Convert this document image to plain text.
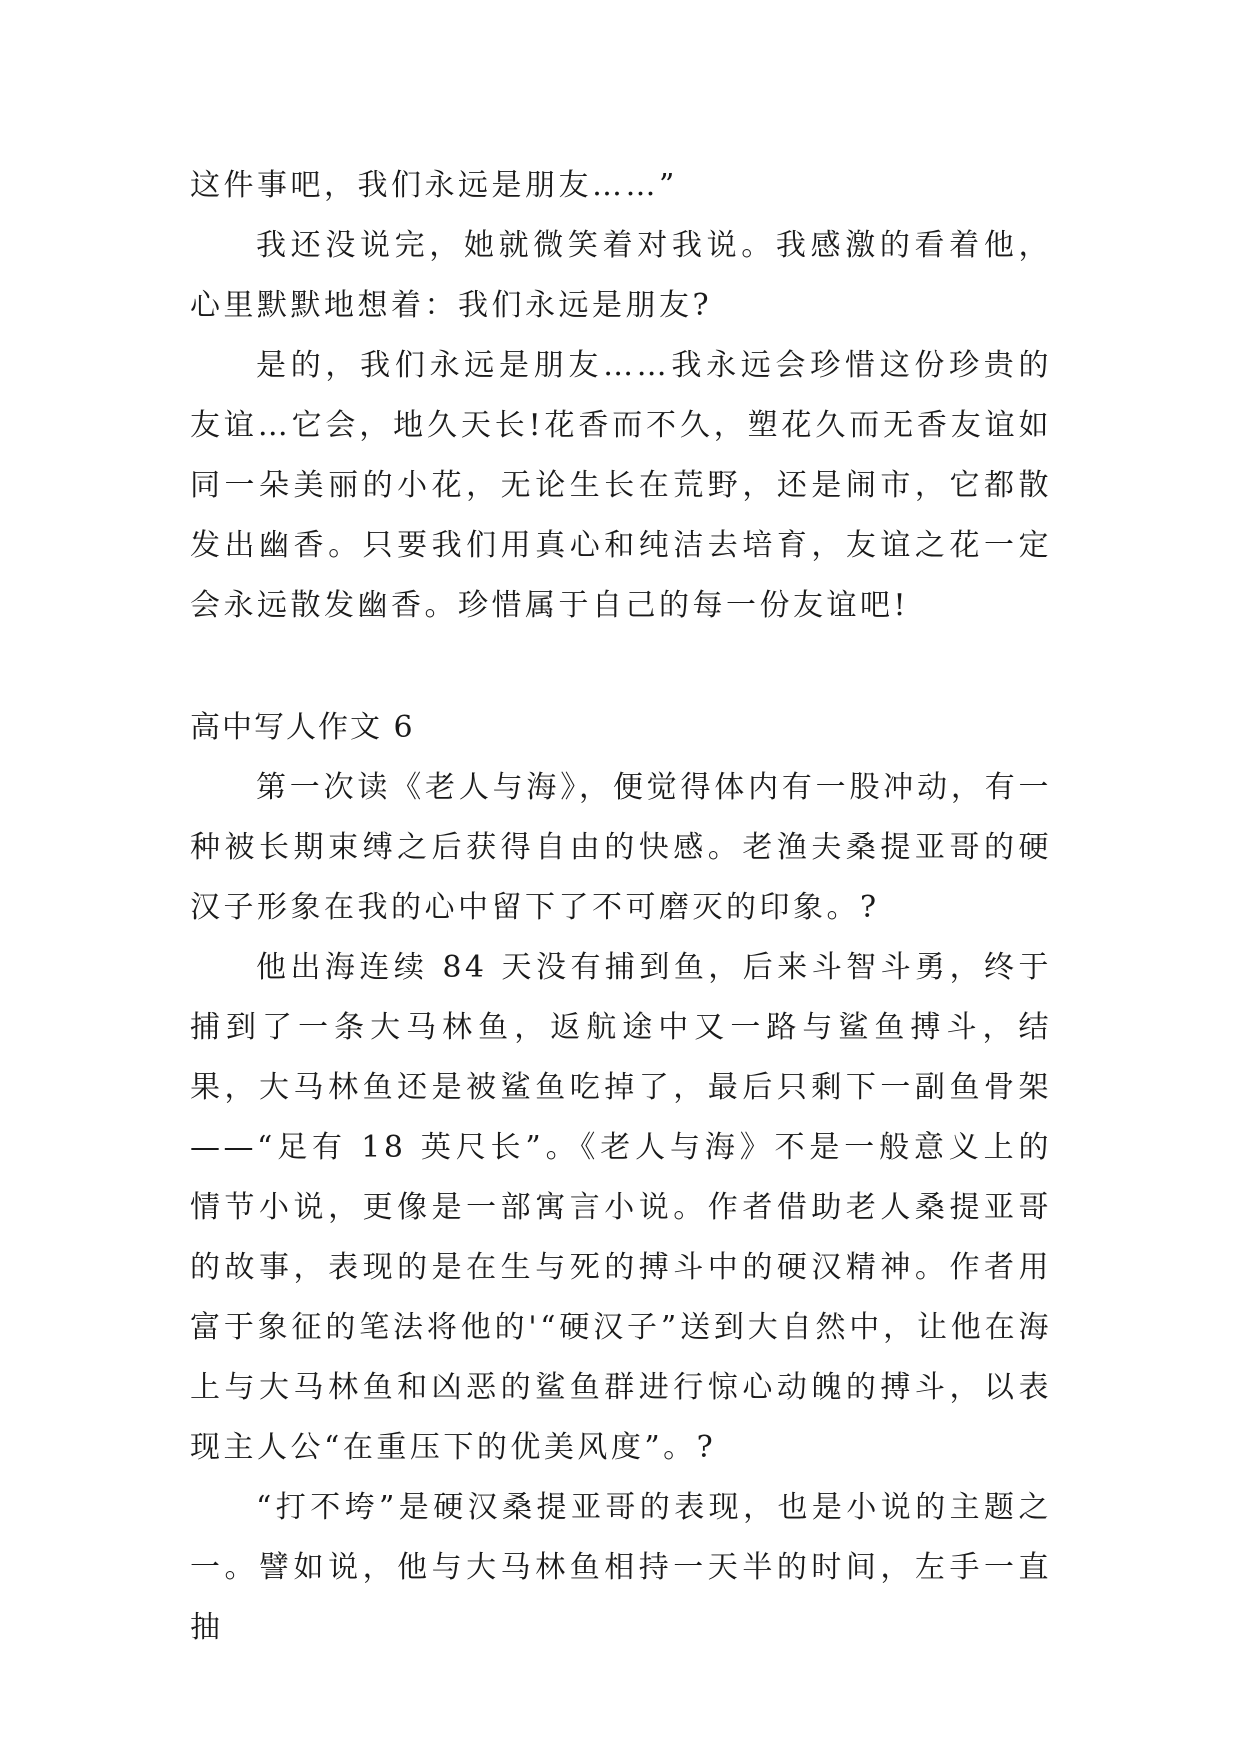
这件事吧，我们永远是朋友……”

我还没说完，她就微笑着对我说。我感激的看着他，心里默默地想着：我们永远是朋友?

是的，我们永远是朋友……我永远会珍惜这份珍贵的友谊…它会，地久天长!花香而不久，塑花久而无香友谊如同一朵美丽的小花，无论生长在荒野，还是闹市，它都散发出幽香。只要我们用真心和纯洁去培育，友谊之花一定会永远散发幽香。珍惜属于自己的每一份友谊吧!

高中写人作文 6

第一次读《老人与海》，便觉得体内有一股冲动，有一种被长期束缚之后获得自由的快感。老渔夫桑提亚哥的硬汉子形象在我的心中留下了不可磨灭的印象。?

他出海连续 84 天没有捕到鱼，后来斗智斗勇，终于捕到了一条大马林鱼，返航途中又一路与鲨鱼搏斗，结果，大马林鱼还是被鲨鱼吃掉了，最后只剩下一副鱼骨架——“足有 18 英尺长”。《老人与海》不是一般意义上的情节小说，更像是一部寓言小说。作者借助老人桑提亚哥的故事，表现的是在生与死的搏斗中的硬汉精神。作者用富于象征的笔法将他的'“硬汉子”送到大自然中，让他在海上与大马林鱼和凶恶的鲨鱼群进行惊心动魄的搏斗，以表现主人公“在重压下的优美风度”。?

“打不垮”是硬汉桑提亚哥的表现，也是小说的主题之一。譬如说，他与大马林鱼相持一天半的时间，左手一直抽
